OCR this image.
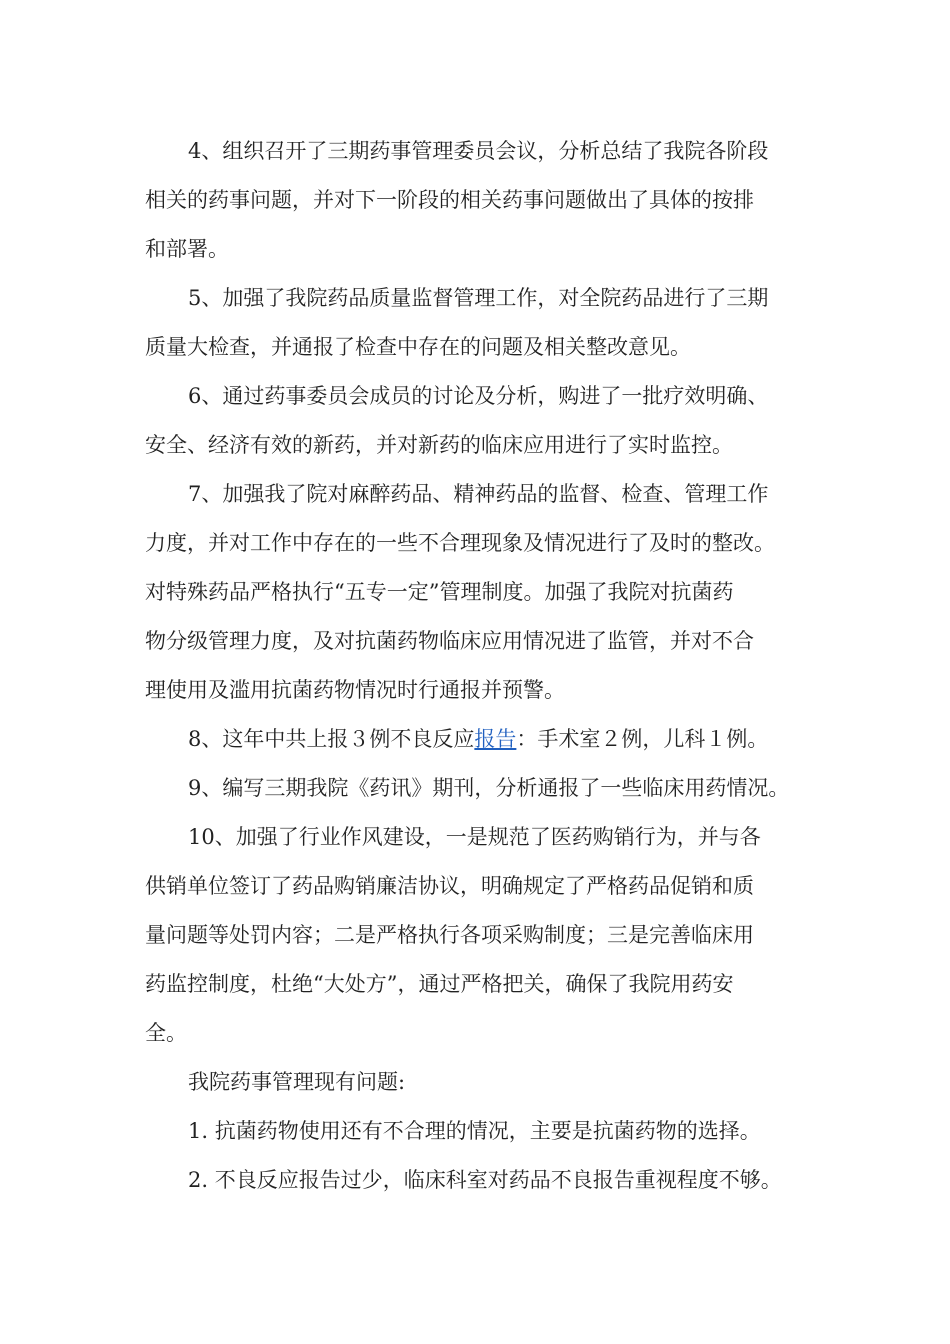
4、组织召开了三期药事管理委员会议，分析总结了我院各阶段
相关的药事问题，并对下一阶段的相关药事问题做出了具体的按排
和部署。
5、加强了我院药品质量监督管理工作，对全院药品进行了三期
质量大检查，并通报了检查中存在的问题及相关整改意见。
6、通过药事委员会成员的讨论及分析，购进了一批疗效明确、
安全、经济有效的新药，并对新药的临床应用进行了实时监控。
7、加强我了院对麻醉药品、精神药品的监督、检查、管理工作
力度，并对工作中存在的一些不合理现象及情况进行了及时的整改。
对特殊药品严格执行“五专一定”管理制度。加强了我院对抗菌药
物分级管理力度，及对抗菌药物临床应用情况进了监管，并对不合
理使用及滥用抗菌药物情况时行通报并预警。
8、这年中共上报３例不良反应报告：手术室２例，儿科１例。
9、编写三期我院《药讯》期刊，分析通报了一些临床用药情况。
10、加强了行业作风建设，一是规范了医药购销行为，并与各
供销单位签订了药品购销廉洁协议，明确规定了严格药品促销和质
量问题等处罚内容；二是严格执行各项采购制度；三是完善临床用
药监控制度，杜绝“大处方”，通过严格把关，确保了我院用药安
全。
我院药事管理现有问题:
1. 抗菌药物使用还有不合理的情况，主要是抗菌药物的选择。
2. 不良反应报告过少，临床科室对药品不良报告重视程度不够。
